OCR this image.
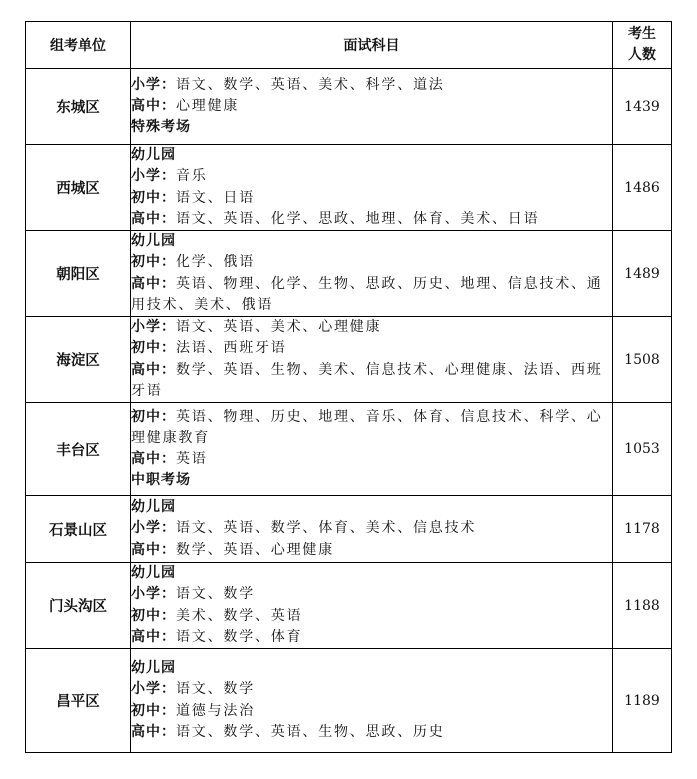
组考单位	面试科目	考生
人数

东城区	小学：语文、数学、英语、美术、科学、道法
高中：心理健康
特殊考场	1439
西城区	幼儿园
小学：音乐
初中：语文、日语
高中：语文、英语、化学、思政、地理、体育、美术、日语	1486
朝阳区	幼儿园
初中：化学、俄语
高中：英语、物理、化学、生物、思政、历史、地理、信息技术、通用技术、美术、俄语	1489
海淀区	小学：语文、英语、美术、心理健康
初中：法语、西班牙语
高中：数学、英语、生物、美术、信息技术、心理健康、法语、西班牙语	1508
丰台区	初中：英语、物理、历史、地理、音乐、体育、信息技术、科学、心理健康教育
高中：英语
中职考场	1053
石景山区	幼儿园
小学：语文、英语、数学、体育、美术、信息技术
高中：数学、英语、心理健康	1178
门头沟区	幼儿园
小学：语文、数学
初中：美术、数学、英语
高中：语文、数学、体育	1188
昌平区	幼儿园
小学：语文、数学
初中：道德与法治
高中：语文、数学、英语、生物、思政、历史	1189
